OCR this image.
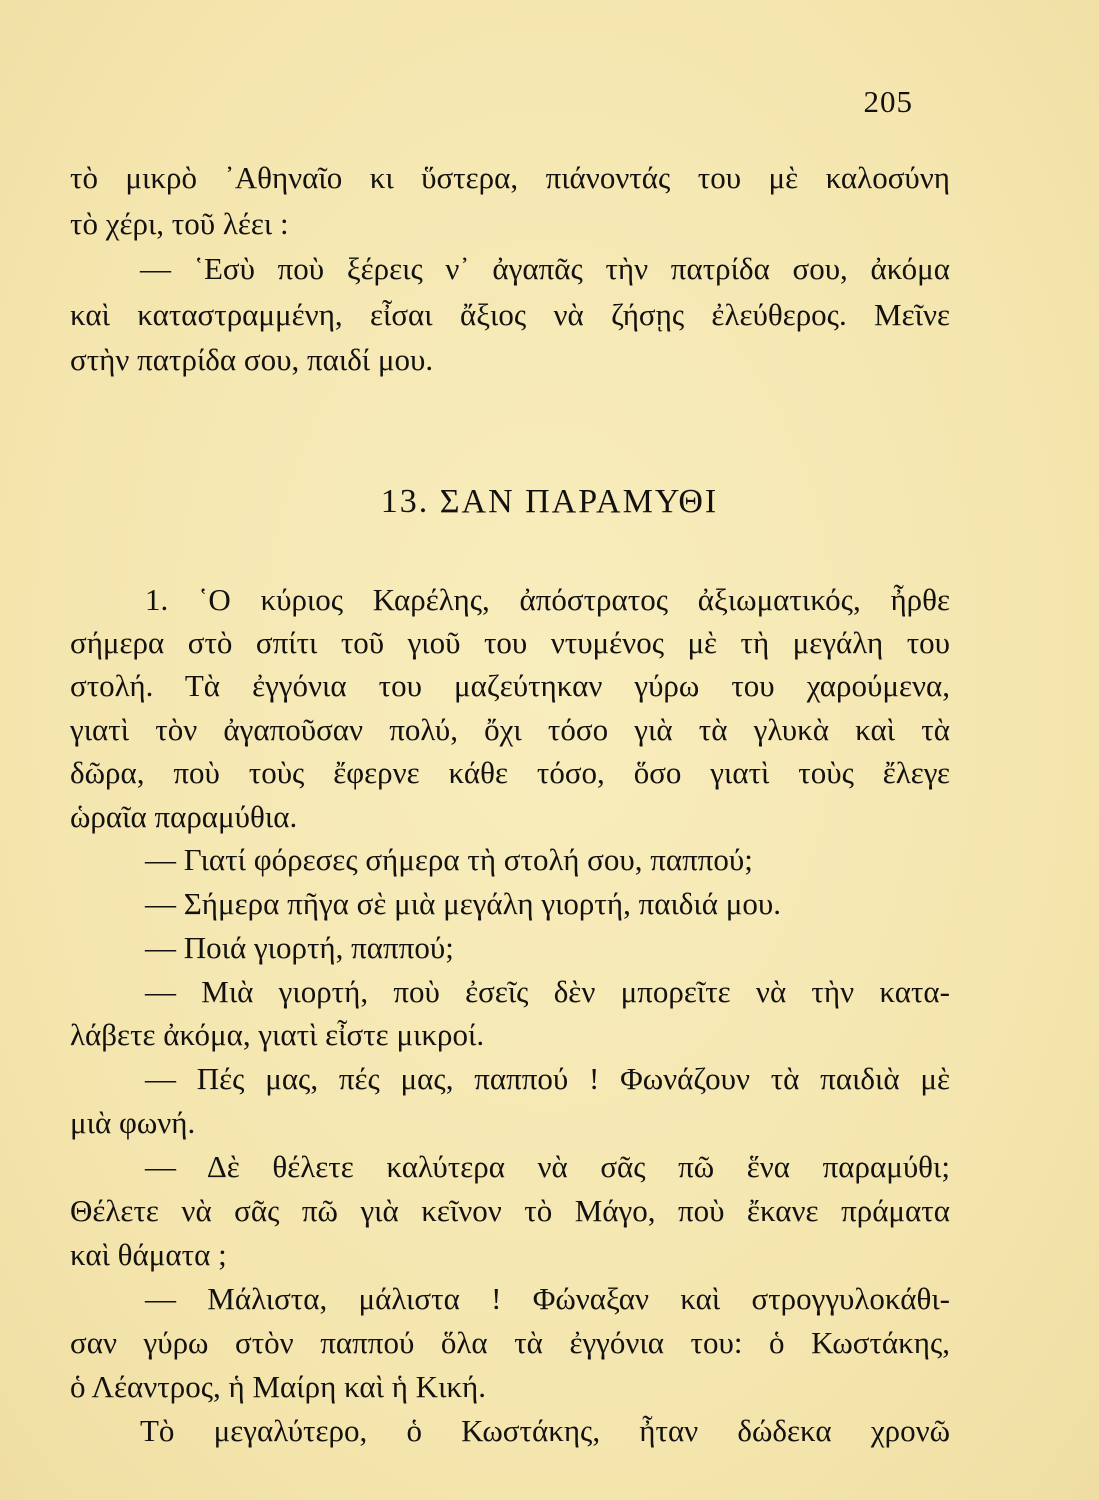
205
τὸ μικρὸ ᾿Αθηναῖο κι ὕστερα, πιάνοντάς του μὲ καλοσύνη
τὸ χέρι, τοῦ λέει :
— ῾Εσὺ ποὺ ξέρεις ν᾿ ἀγαπᾶς τὴν πατρίδα σου, ἀκόμα
καὶ καταστραμμένη, εἶσαι ἄξιος νὰ ζήσῃς ἐλεύθερος. Μεῖνε
στὴν πατρίδα σου, παιδί μου.
13. ΣΑΝ ΠΑΡΑΜΥΘΙ
1. ῾Ο κύριος Καρέλης, ἀπόστρατος ἀξιωματικός, ἦρθε
σήμερα στὸ σπίτι τοῦ γιοῦ του ντυμένος μὲ τὴ μεγάλη του
στολή. Τὰ ἐγγόνια του μαζεύτηκαν γύρω του χαρούμενα,
γιατὶ τὸν ἀγαποῦσαν πολύ, ὄχι τόσο γιὰ τὰ γλυκὰ καὶ τὰ
δῶρα, ποὺ τοὺς ἔφερνε κάθε τόσο, ὅσο γιατὶ τοὺς ἔλεγε
ὡραῖα παραμύθια.
— Γιατί φόρεσες σήμερα τὴ στολή σου, παππού;
— Σήμερα πῆγα σὲ μιὰ μεγάλη γιορτή, παιδιά μου.
— Ποιά γιορτή, παππού;
— Μιὰ γιορτή, ποὺ ἐσεῖς δὲν μπορεῖτε νὰ τὴν κατα-
λάβετε ἀκόμα, γιατὶ εἶστε μικροί.
— Πές μας, πές μας, παππού ! Φωνάζουν τὰ παιδιὰ μὲ
μιὰ φωνή.
— Δὲ θέλετε καλύτερα νὰ σᾶς πῶ ἕνα παραμύθι;
Θέλετε νὰ σᾶς πῶ γιὰ κεῖνον τὸ Μάγο, ποὺ ἔκανε πράματα
καὶ θάματα ;
— Μάλιστα, μάλιστα ! Φώναξαν καὶ στρογγυλοκάθι-
σαν γύρω στὸν παππού ὅλα τὰ ἐγγόνια του: ὁ Κωστάκης,
ὁ Λέαντρος, ἡ Μαίρη καὶ ἡ Κική.
Τὸ μεγαλύτερο, ὁ Κωστάκης, ἦταν δώδεκα χρονῶ
